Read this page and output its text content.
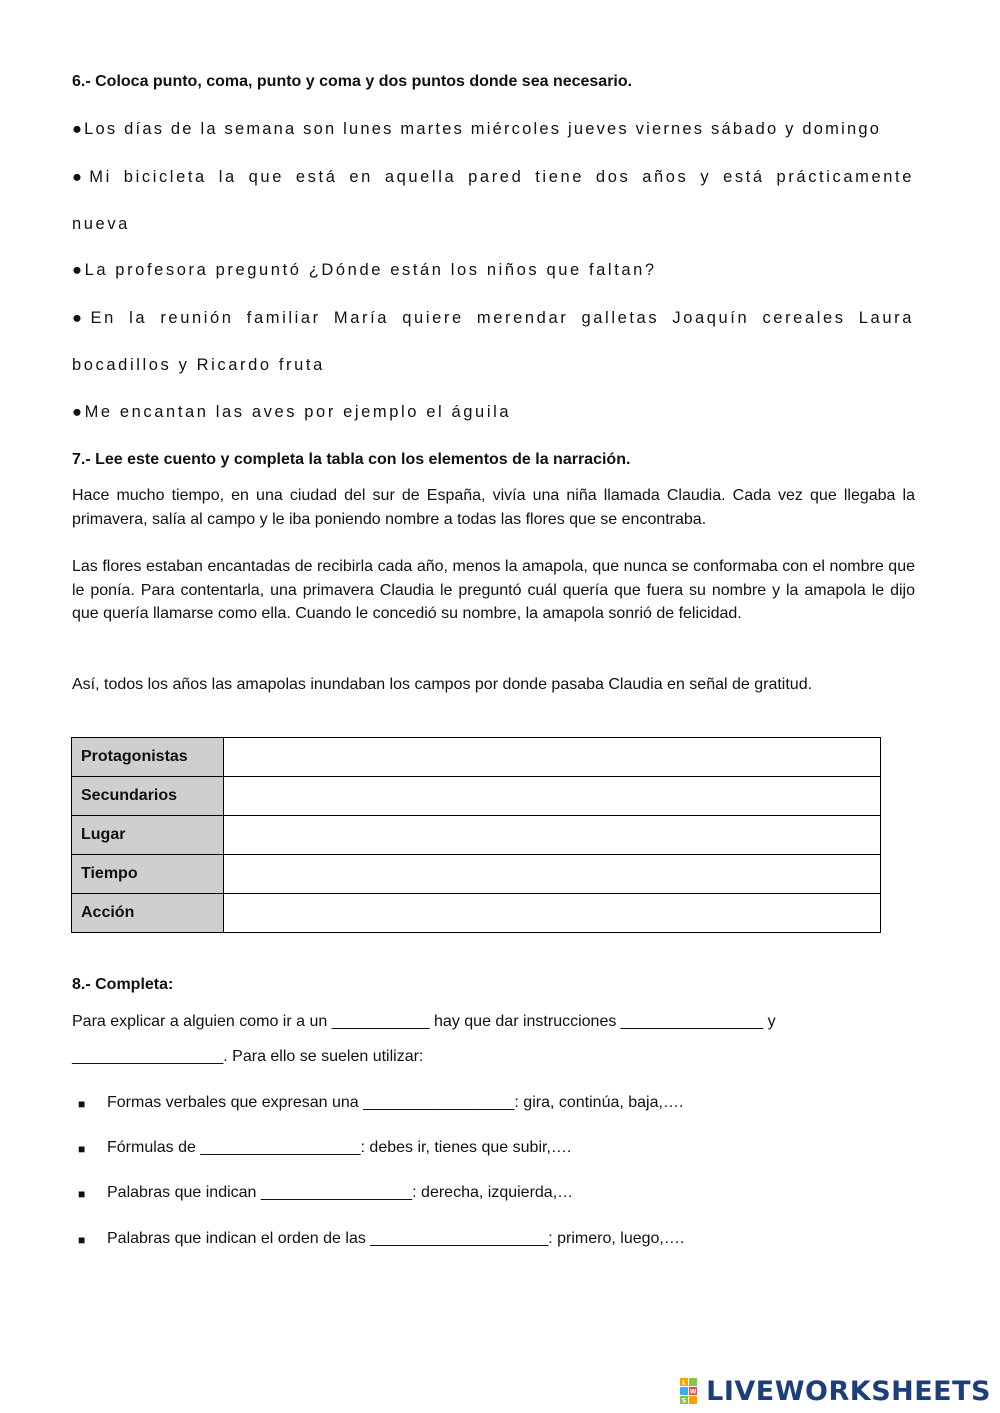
6.- Coloca punto, coma, punto y coma y dos puntos donde sea necesario.
●Los días de la semana son lunes martes miércoles jueves viernes sábado y domingo
●Mi bicicleta la que está en aquella pared tiene dos años y está prácticamente
nueva
●La profesora preguntó ¿Dónde están los niños que faltan?
●En la reunión familiar María quiere merendar galletas Joaquín cereales Laura
bocadillos y Ricardo fruta
●Me encantan las aves por ejemplo el águila
7.- Lee este cuento y completa la tabla con los elementos de la narración.
Hace mucho tiempo, en una ciudad del sur de España, vivía una niña llamada Claudia. Cada vez que llegaba la primavera, salía al campo y le iba poniendo nombre a todas las flores que se encontraba.
Las flores estaban encantadas de recibirla cada año, menos la amapola, que nunca se conformaba con el nombre que le ponía. Para contentarla, una primavera Claudia le preguntó cuál quería que fuera su nombre y la amapola le dijo que quería llamarse como ella. Cuando le concedió su nombre, la amapola sonrió de felicidad.
Así, todos los años las amapolas inundaban los campos por donde pasaba Claudia en señal de gratitud.
Protagonistas	
Secundarios	
Lugar	
Tiempo	
Acción	
8.- Completa:
Para explicar a alguien como ir a un ___________ hay que dar instrucciones ________________ y
_________________. Para ello se suelen utilizar:
■ Formas verbales que expresan una _________________: gira, continúa, baja,….
■ Fórmulas de __________________: debes ir, tienes que subir,….
■ Palabras que indican _________________: derecha, izquierda,…
■ Palabras que indican el orden de las ____________________: primero, luego,….
L
W
S LIVEWORKSHEETS
